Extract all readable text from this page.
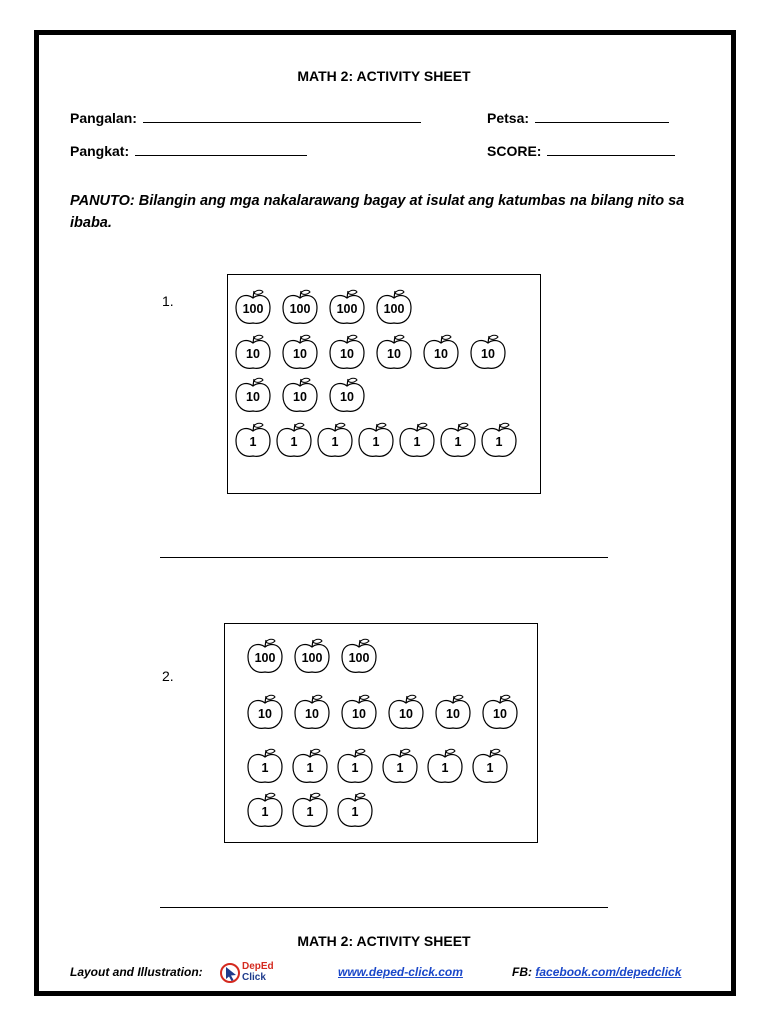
MATH 2: ACTIVITY SHEET
Pangalan:	Petsa:
Pangkat:	SCORE:
PANUTO: Bilangin ang mga nakalarawang bagay at isulat ang katumbas na bilang nito sa ibaba.
1.	100	100	100	100
10	10	10	10	10	10
10	10	10
1	1	1	1	1	1	1
2.
100	100	100
10	10	10	10	10	10
1	1	1	1	1	1
1	1	1
MATH 2: ACTIVITY SHEET
Layout and Illustration:	DepEd
Click	www.deped-click.com	FB: facebook.com/depedclick
